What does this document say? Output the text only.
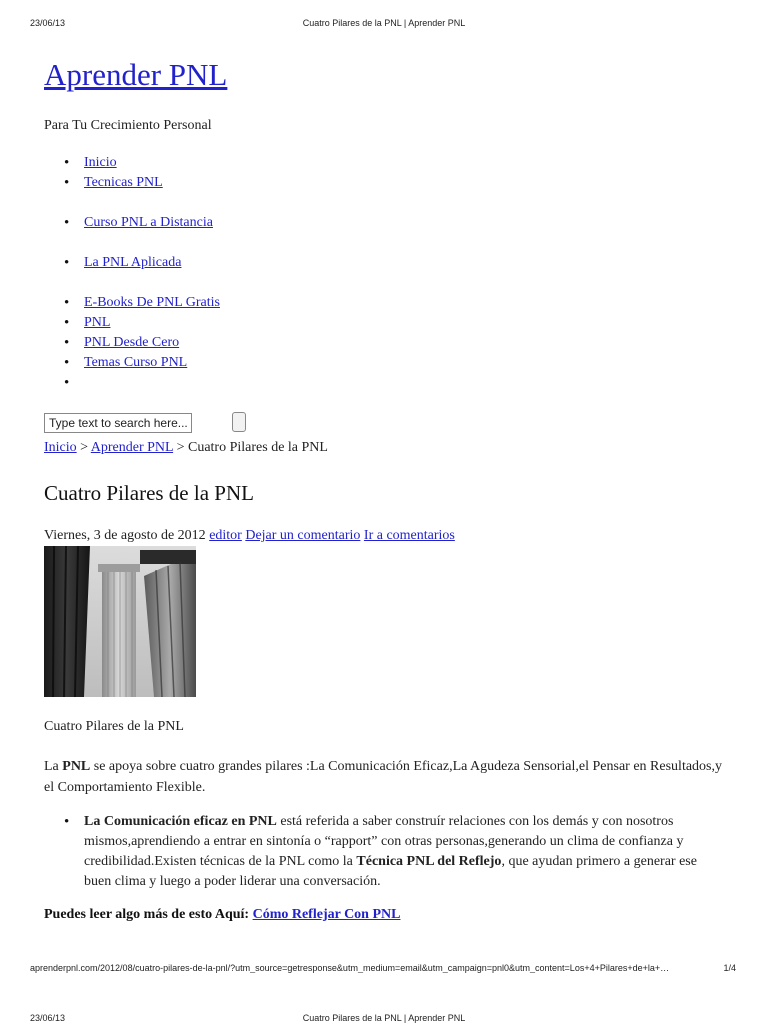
23/06/13	Cuatro Pilares de la PNL | Aprender PNL
Aprender PNL
Para Tu Crecimiento Personal
• Inicio
• Tecnicas PNL
• Curso PNL a Distancia
• La PNL Aplicada
• E-Books De PNL Gratis
• PNL
• PNL Desde Cero
• Temas Curso PNL
•
Type text to search here...
Inicio > Aprender PNL > Cuatro Pilares de la PNL
Cuatro Pilares de la PNL
Viernes, 3 de agosto de 2012 editor Dejar un comentario Ir a comentarios
Cuatro Pilares de la PNL

La PNL se apoya sobre cuatro grandes pilares :La Comunicación Eficaz,La Agudeza Sensorial,el Pensar en Resultados,y el Comportamiento Flexible.

• La Comunicación eficaz en PNL está referida a saber construír relaciones con los demás y con nosotros mismos,aprendiendo a entrar en sintonía o “rapport” con otras personas,generando un clima de confianza y credibilidad.Existen técnicas de la PNL como la Técnica PNL del Reflejo, que ayudan primero a generar ese buen clima y luego a poder liderar una conversación.
Puedes leer algo más de esto Aquí: Cómo Reflejar Con PNL
aprenderpnl.com/2012/08/cuatro-pilares-de-la-pnl/?utm_source=getresponse&utm_medium=email&utm_campaign=pnl0&utm_content=Los+4+Pilares+de+la+…	1/4
23/06/13	Cuatro Pilares de la PNL | Aprender PNL
